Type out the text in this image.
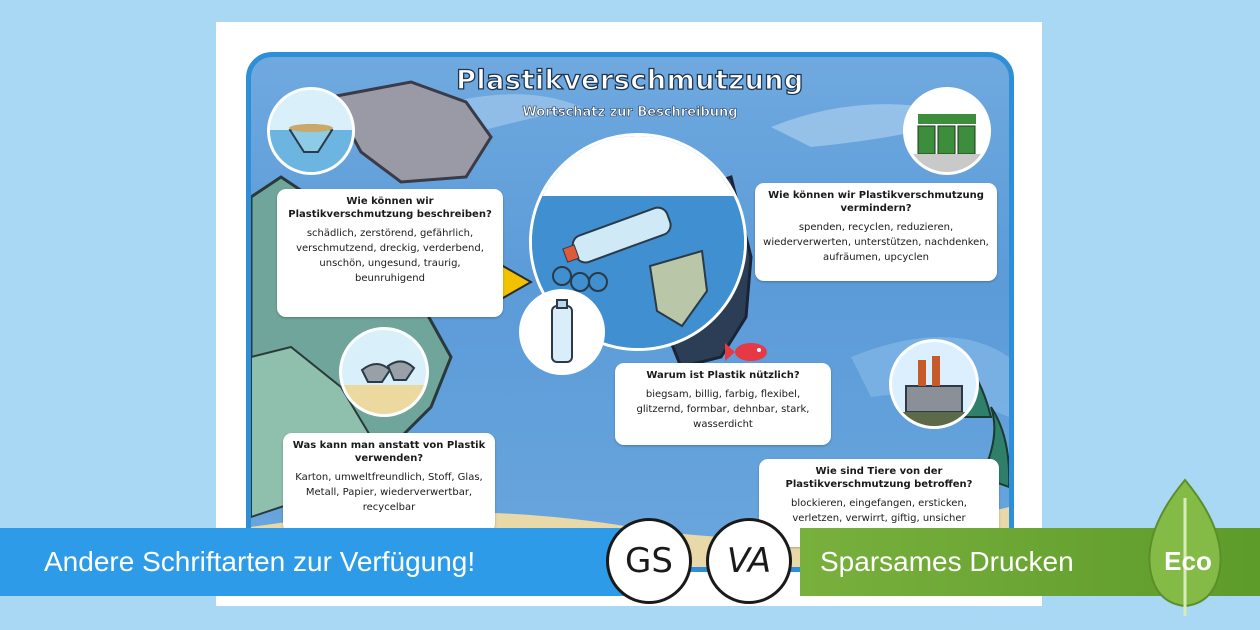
Plastikverschmutzung
Wortschatz zur Beschreibung
Wie können wir Plastikverschmutzung beschreiben?
schädlich, zerstörend, gefährlich, verschmutzend, dreckig, verderbend, unschön, ungesund, traurig, beunruhigend
Wie können wir Plastikverschmutzung vermindern?
spenden, recyclen, reduzieren, wiederverwerten, unterstützen, nachdenken, aufräumen, upcyclen
Warum ist Plastik nützlich?
biegsam, billig, farbig, flexibel, glitzernd, formbar, dehnbar, stark, wasserdicht
Was kann man anstatt von Plastik verwenden?
Karton, umweltfreundlich, Stoff, Glas, Metall, Papier, wiederverwertbar, recycelbar
Wie sind Tiere von der Plastikverschmutzung betroffen?
blockieren, eingefangen, ersticken, verletzen, verwirrt, giftig, unsicher
Andere Schriftarten zur Verfügung!	GS	VA	Sparsames Drucken	Eco
